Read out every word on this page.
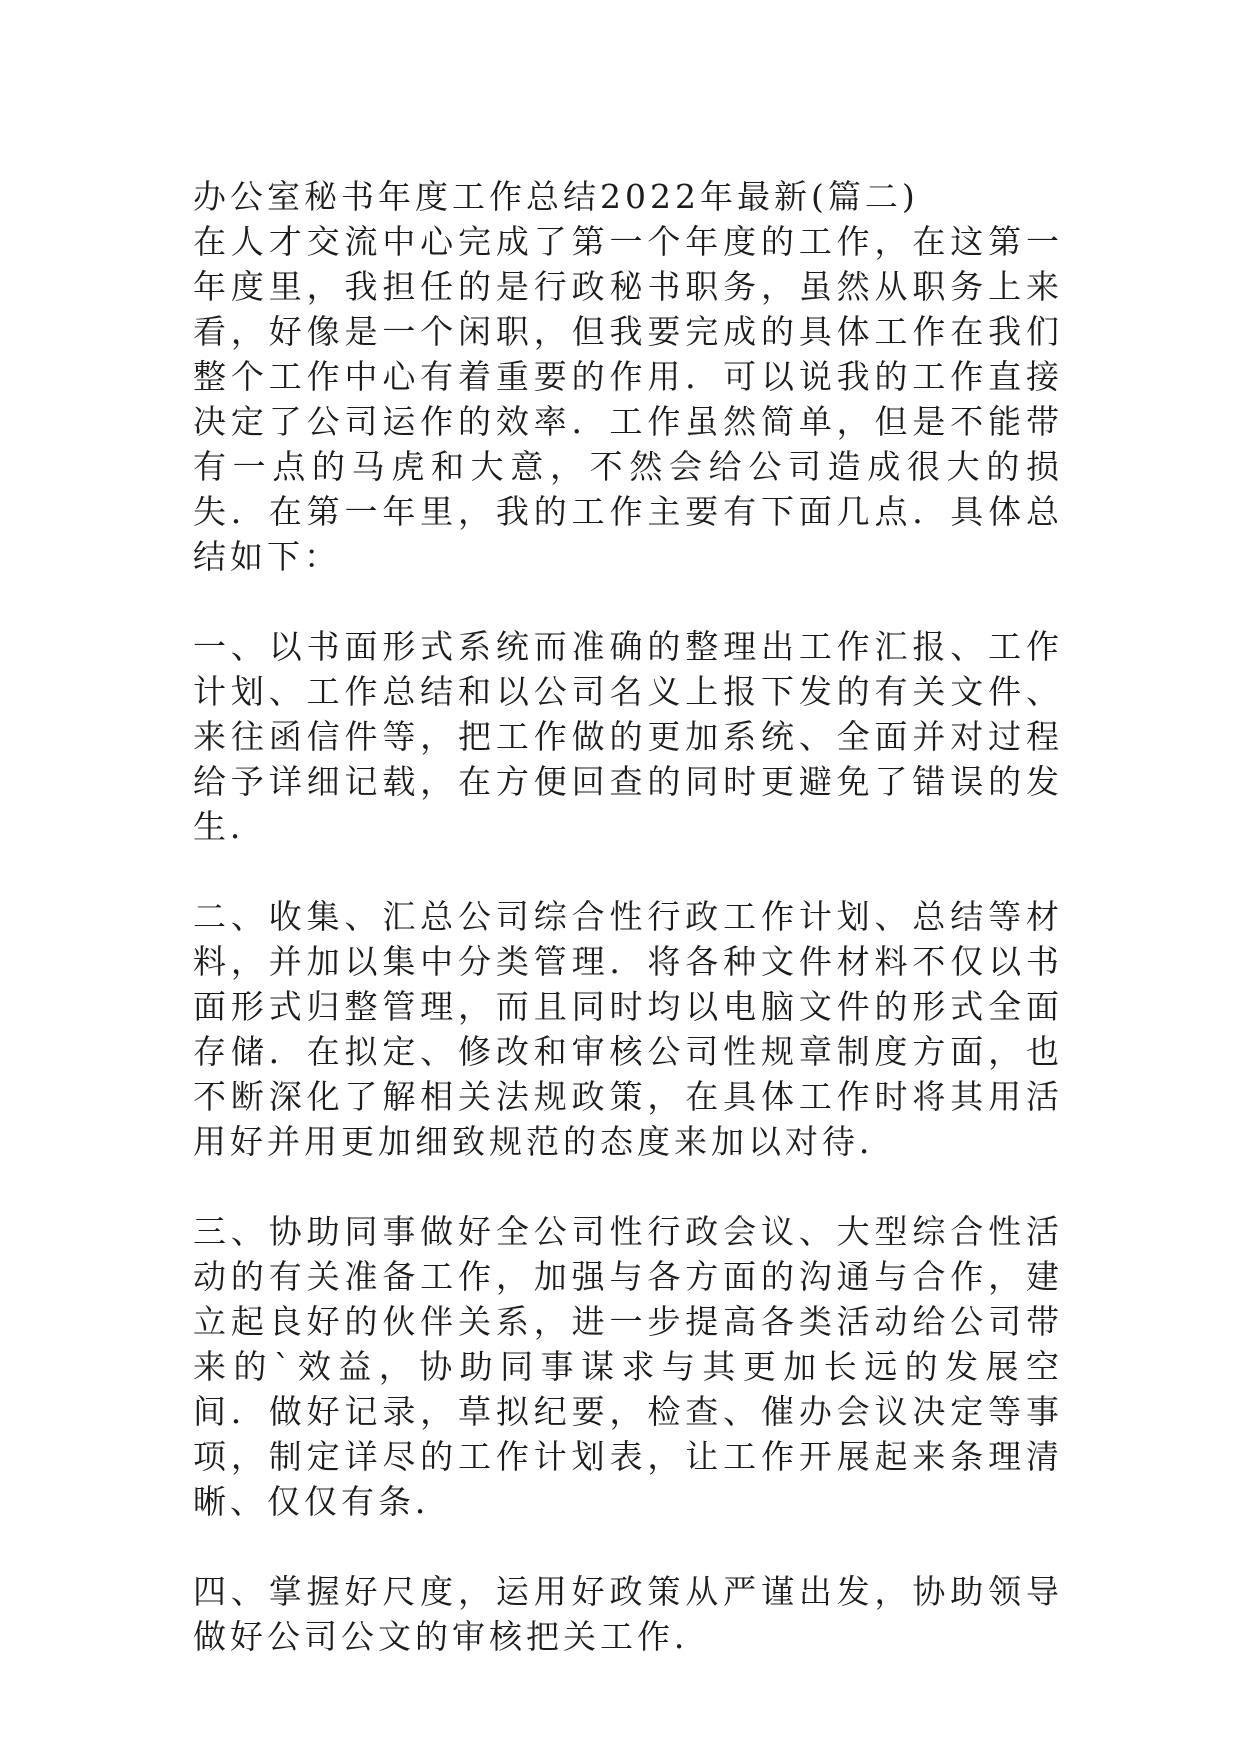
办公室秘书年度工作总结2022年最新(篇二)

在人才交流中心完成了第一个年度的工作，在这第一年度里，我担任的是行政秘书职务，虽然从职务上来看，好像是一个闲职，但我要完成的具体工作在我们整个工作中心有着重要的作用．可以说我的工作直接决定了公司运作的效率．工作虽然简单，但是不能带有一点的马虎和大意，不然会给公司造成很大的损失．在第一年里，我的工作主要有下面几点．具体总结如下：

一、以书面形式系统而准确的整理出工作汇报、工作计划、工作总结和以公司名义上报下发的有关文件、来往函信件等，把工作做的更加系统、全面并对过程给予详细记载，在方便回查的同时更避免了错误的发生．

二、收集、汇总公司综合性行政工作计划、总结等材料，并加以集中分类管理．将各种文件材料不仅以书面形式归整管理，而且同时均以电脑文件的形式全面存储．在拟定、修改和审核公司性规章制度方面，也不断深化了解相关法规政策，在具体工作时将其用活用好并用更加细致规范的态度来加以对待．

三、协助同事做好全公司性行政会议、大型综合性活动的有关准备工作，加强与各方面的沟通与合作，建立起良好的伙伴关系，进一步提高各类活动给公司带来的`效益，协助同事谋求与其更加长远的发展空间．做好记录，草拟纪要，检查、催办会议决定等事项，制定详尽的工作计划表，让工作开展起来条理清晰、仅仅有条．

四、掌握好尺度，运用好政策从严谨出发，协助领导做好公司公文的审核把关工作．
